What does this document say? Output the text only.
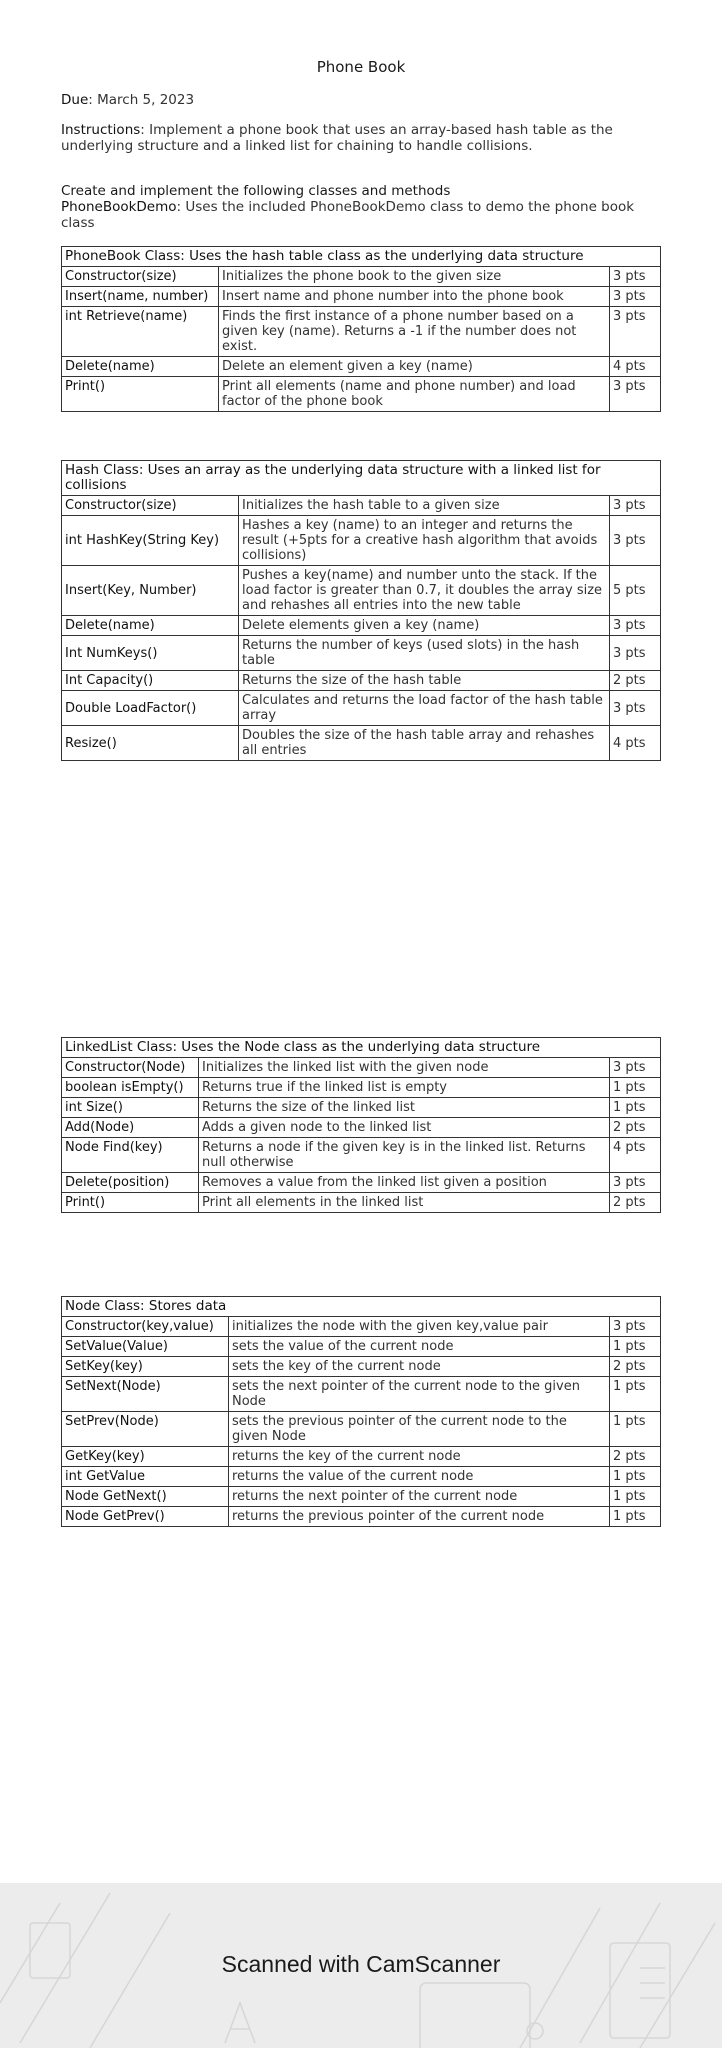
Phone Book
Due: March 5, 2023
Instructions: Implement a phone book that uses an array-based hash table as the underlying structure and a linked list for chaining to handle collisions.
Create and implement the following classes and methods
PhoneBookDemo: Uses the included PhoneBookDemo class to demo the phone book class
PhoneBook Class: Uses the hash table class as the underlying data structure		
Constructor(size)	Initializes the phone book to the given size	3 pts
Insert(name, number)	Insert name and phone number into the phone book	3 pts
int Retrieve(name)	Finds the first instance of a phone number based on a given key (name). Returns a -1 if the number does not exist.	3 pts
Delete(name)	Delete an element given a key (name)	4 pts
Print()	Print all elements (name and phone number) and load factor of the phone book	3 pts
Hash Class: Uses an array as the underlying data structure with a linked list for collisions		
Constructor(size)	Initializes the hash table to a given size	3 pts
int HashKey(String Key)	Hashes a key (name) to an integer and returns the result (+5pts for a creative hash algorithm that avoids collisions)	3 pts
Insert(Key, Number)	Pushes a key(name) and number unto the stack. If the load factor is greater than 0.7, it doubles the array size and rehashes all entries into the new table	5 pts
Delete(name)	Delete elements given a key (name)	3 pts
Int NumKeys()	Returns the number of keys (used slots) in the hash table	3 pts
Int Capacity()	Returns the size of the hash table	2 pts
Double LoadFactor()	Calculates and returns the load factor of the hash table array	3 pts
Resize()	Doubles the size of the hash table array and rehashes all entries	4 pts
LinkedList Class: Uses the Node class as the underlying data structure		
Constructor(Node)	Initializes the linked list with the given node	3 pts
boolean isEmpty()	Returns true if the linked list is empty	1 pts
int Size()	Returns the size of the linked list	1 pts
Add(Node)	Adds a given node to the linked list	2 pts
Node Find(key)	Returns a node if the given key is in the linked list. Returns null otherwise	4 pts
Delete(position)	Removes a value from the linked list given a position	3 pts
Print()	Print all elements in the linked list	2 pts
Node Class: Stores data		
Constructor(key,value)	initializes the node with the given key,value pair	3 pts
SetValue(Value)	sets the value of the current node	1 pts
SetKey(key)	sets the key of the current node	2 pts
SetNext(Node)	sets the next pointer of the current node to the given Node	1 pts
SetPrev(Node)	sets the previous pointer of the current node to the given Node	1 pts
GetKey(key)	returns the key of the current node	2 pts
int GetValue	returns the value of the current node	1 pts
Node GetNext()	returns the next pointer of the current node	1 pts
Node GetPrev()	returns the previous pointer of the current node	1 pts
Scanned with CamScanner
